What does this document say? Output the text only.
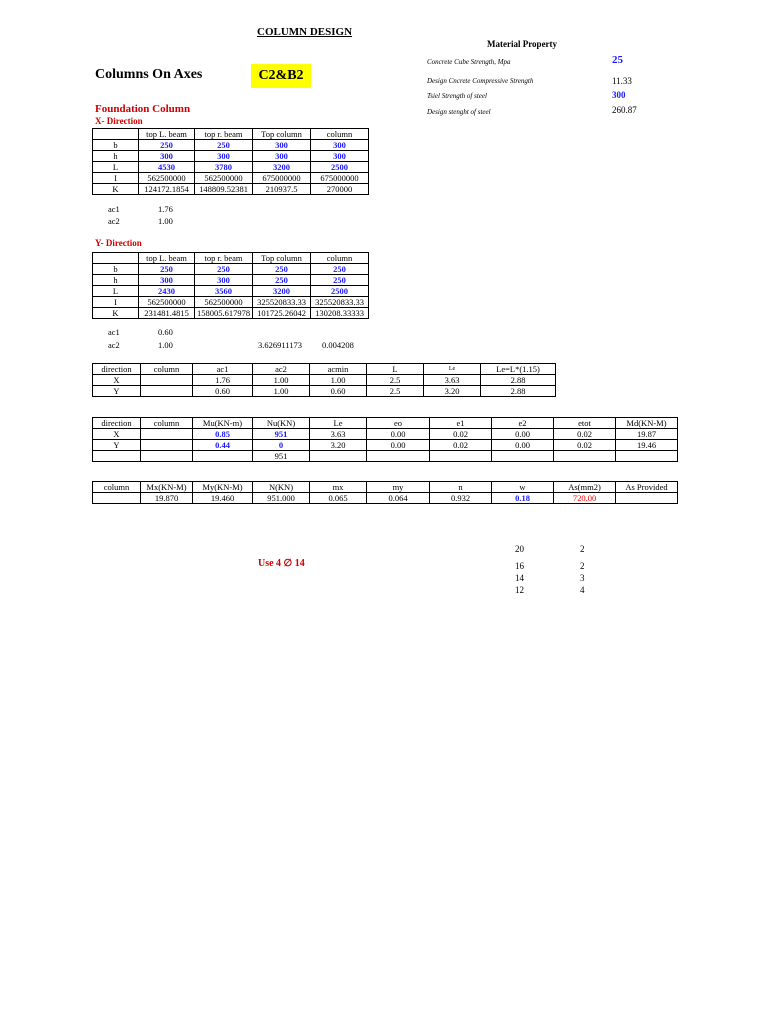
COLUMN DESIGN
Material Property
Concrete Cube Strength, Mpa	25
Design Cncrete Compressive Strength	11.33
Tsiel Strength of steel	300
Design stenght of steel	260.87
Columns On Axes	C2&B2
Foundation Column
X- Direction
	top L. beam	top r. beam	Top column	column
b	250	250	300	300
h	300	300	300	300
L	4530	3780	3200	2500
I	562500000	562500000	675000000	675000000
K	124172.1854	148809.52381	210937.5	270000
ac1	1.76
ac2	1.00
Y- Direction
	top L. beam	top r. beam	Top column	column
b	250	250	250	250
h	300	300	250	250
L	2430	3560	3200	2500
I	562500000	562500000	325520833.33	325520833.33
K	231481.4815	158005.617978	101725.26042	130208.33333
ac1	0.60
ac2	1.00	3.626911173 0.004208
direction	column	ac1	ac2	acmin	L	Le	Le=L*(1.15)
X		1.76	1.00	1.00	2.5	3.63	2.88
Y		0.60	1.00	0.60	2.5	3.20	2.88
direction	column	Mu(KN-m)	Nu(KN)	Le	eo	e1	e2	etot	Md(KN-M)
X		0.85	951	3.63	0.00	0.02	0.00	0.02	19.87
Y		0.44	0	3.20	0.00	0.02	0.00	0.02	19.46
			951						
column	Mx(KN-M)	My(KN-M)	N(KN)	mx	my	n	w	As(mm2)	As Provided
	19.870	19.460	951.000	0.065	0.064	0.932	0.18	720.00	
Use 4 ∅ 14
20	2
16	2
14	3
12	4
